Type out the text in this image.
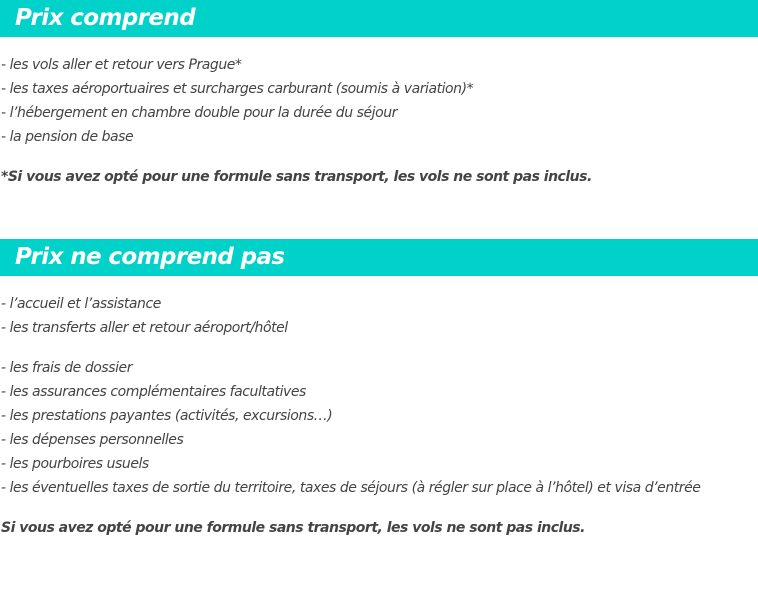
Prix comprend
- les vols aller et retour vers Prague*
- les taxes aéroportuaires et surcharges carburant (soumis à variation)*
- l’hébergement en chambre double pour la durée du séjour
- la pension de base
*Si vous avez opté pour une formule sans transport, les vols ne sont pas inclus.
Prix ne comprend pas
- l’accueil et l’assistance
- les transferts aller et retour aéroport/hôtel
- les frais de dossier
- les assurances complémentaires facultatives
- les prestations payantes (activités, excursions…)
- les dépenses personnelles
- les pourboires usuels
- les éventuelles taxes de sortie du territoire, taxes de séjours (à régler sur place à l’hôtel) et visa d’entrée
Si vous avez opté pour une formule sans transport, les vols ne sont pas inclus.
